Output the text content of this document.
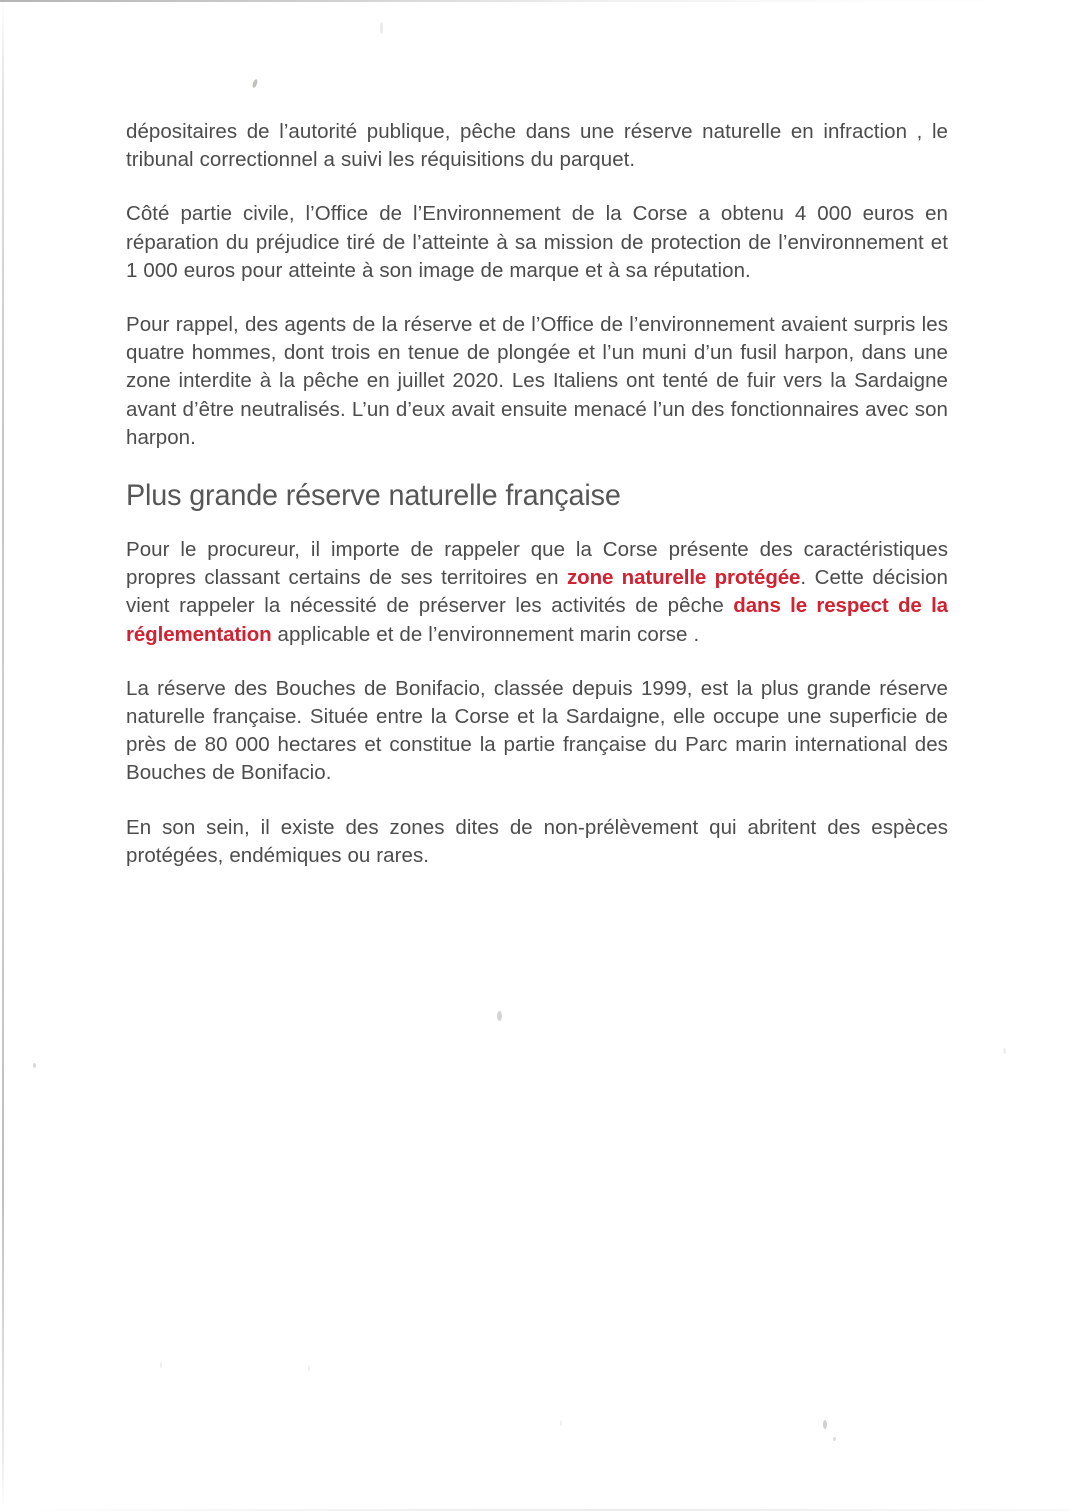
dépositaires de l’autorité publique, pêche dans une réserve naturelle en infraction , le tribunal correctionnel a suivi les réquisitions du parquet.

Côté partie civile, l’Office de l’Environnement de la Corse a obtenu 4 000 euros en réparation du préjudice tiré de l’atteinte à sa mission de protection de l’environnement et 1 000 euros pour atteinte à son image de marque et à sa réputation.

Pour rappel, des agents de la réserve et de l’Office de l’environnement avaient surpris les quatre hommes, dont trois en tenue de plongée et l’un muni d’un fusil harpon, dans une zone interdite à la pêche en juillet 2020. Les Italiens ont tenté de fuir vers la Sardaigne avant d’être neutralisés. L’un d’eux avait ensuite menacé l’un des fonctionnaires avec son harpon.

Plus grande réserve naturelle française

Pour le procureur, il importe de rappeler que la Corse présente des caractéristiques propres classant certains de ses territoires en zone naturelle protégée. Cette décision vient rappeler la nécessité de préserver les activités de pêche dans le respect de la réglementation applicable et de l’environnement marin corse .

La réserve des Bouches de Bonifacio, classée depuis 1999, est la plus grande réserve naturelle française. Située entre la Corse et la Sardaigne, elle occupe une superficie de près de 80 000 hectares et constitue la partie française du Parc marin international des Bouches de Bonifacio.

En son sein, il existe des zones dites de non-prélèvement qui abritent des espèces protégées, endémiques ou rares.
